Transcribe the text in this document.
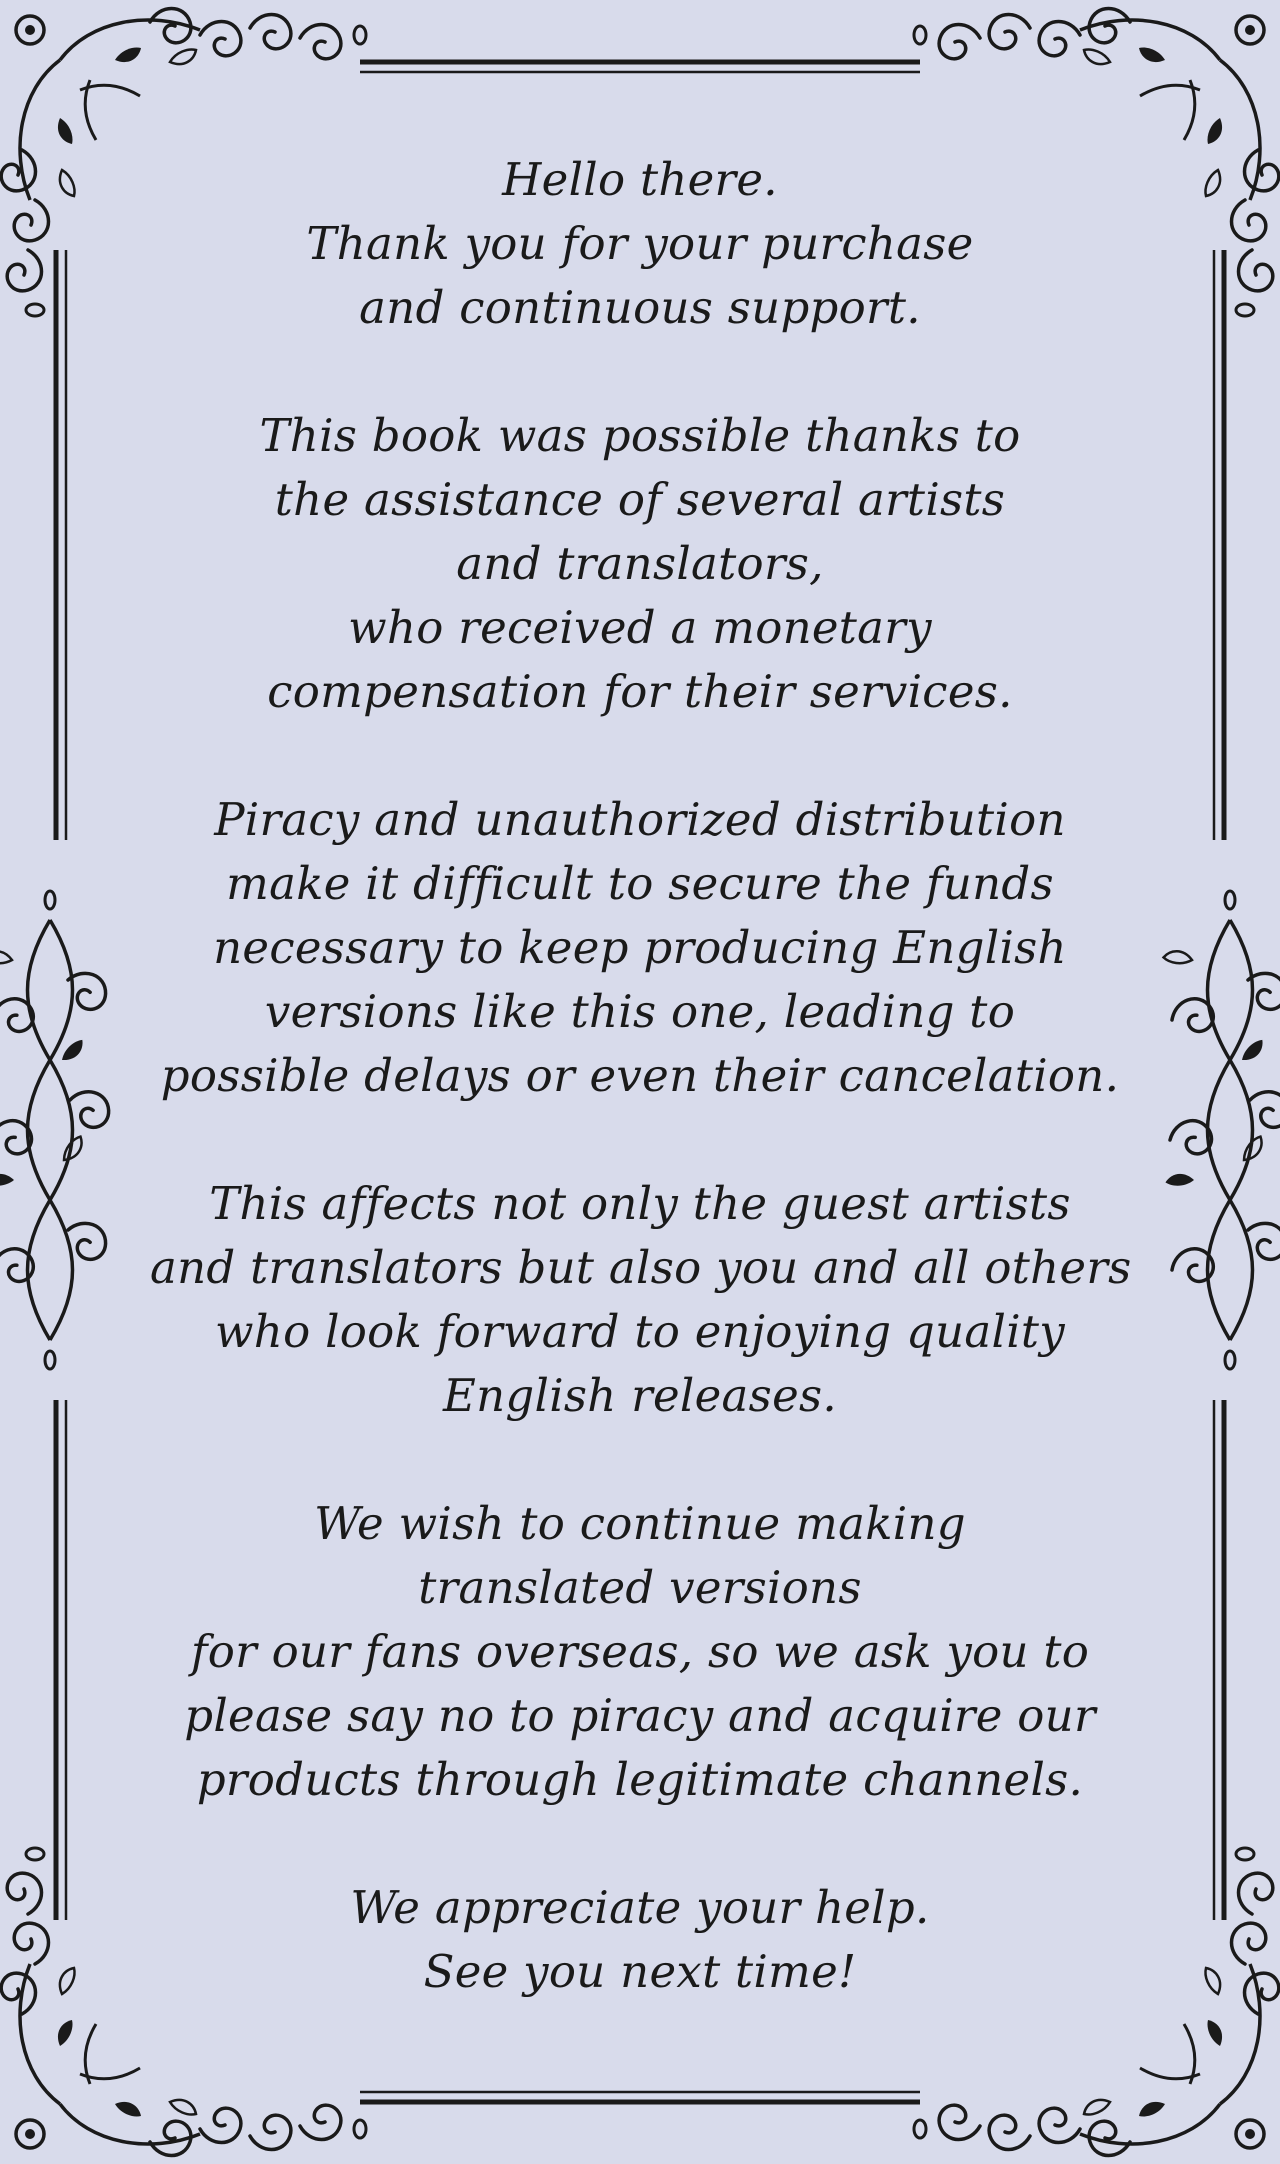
Hello there.
Thank you for your purchase
and continuous support.

This book was possible thanks to
the assistance of several artists
and translators,
who received a monetary
compensation for their services.

Piracy and unauthorized distribution
make it difficult to secure the funds
necessary to keep producing English
versions like this one, leading to
possible delays or even their cancelation.

This affects not only the guest artists
and translators but also you and all others
who look forward to enjoying quality
English releases.

We wish to continue making
translated versions
for our fans overseas, so we ask you to
please say no to piracy and acquire our
products through legitimate channels.

We appreciate your help.
See you next time!
